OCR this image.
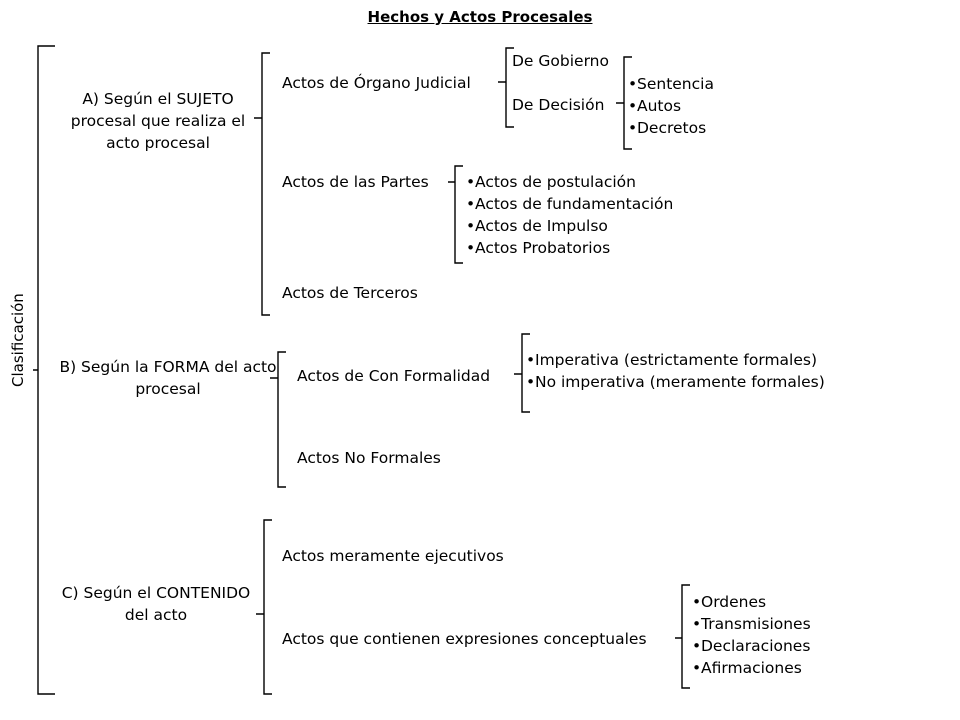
Hechos y Actos Procesales
Clasificación
A) Según el SUJETO procesal que realiza el acto procesal
Actos de Órgano Judicial
De Gobierno
De Decisión
• Sentencia
• Autos
• Decretos
Actos de las Partes
•	Actos de postulación
• Actos de fundamentación
• Actos de Impulso
• Actos Probatorios
Actos de Terceros
B) Según la FORMA del acto procesal
Actos de Con Formalidad
• Imperativa (estrictamente formales)
• No imperativa (meramente formales)
Actos No Formales
C) Según el CONTENIDO del acto
Actos meramente ejecutivos
Actos que contienen expresiones conceptuales
• Ordenes
• Transmisiones
• Declaraciones
• Afirmaciones
